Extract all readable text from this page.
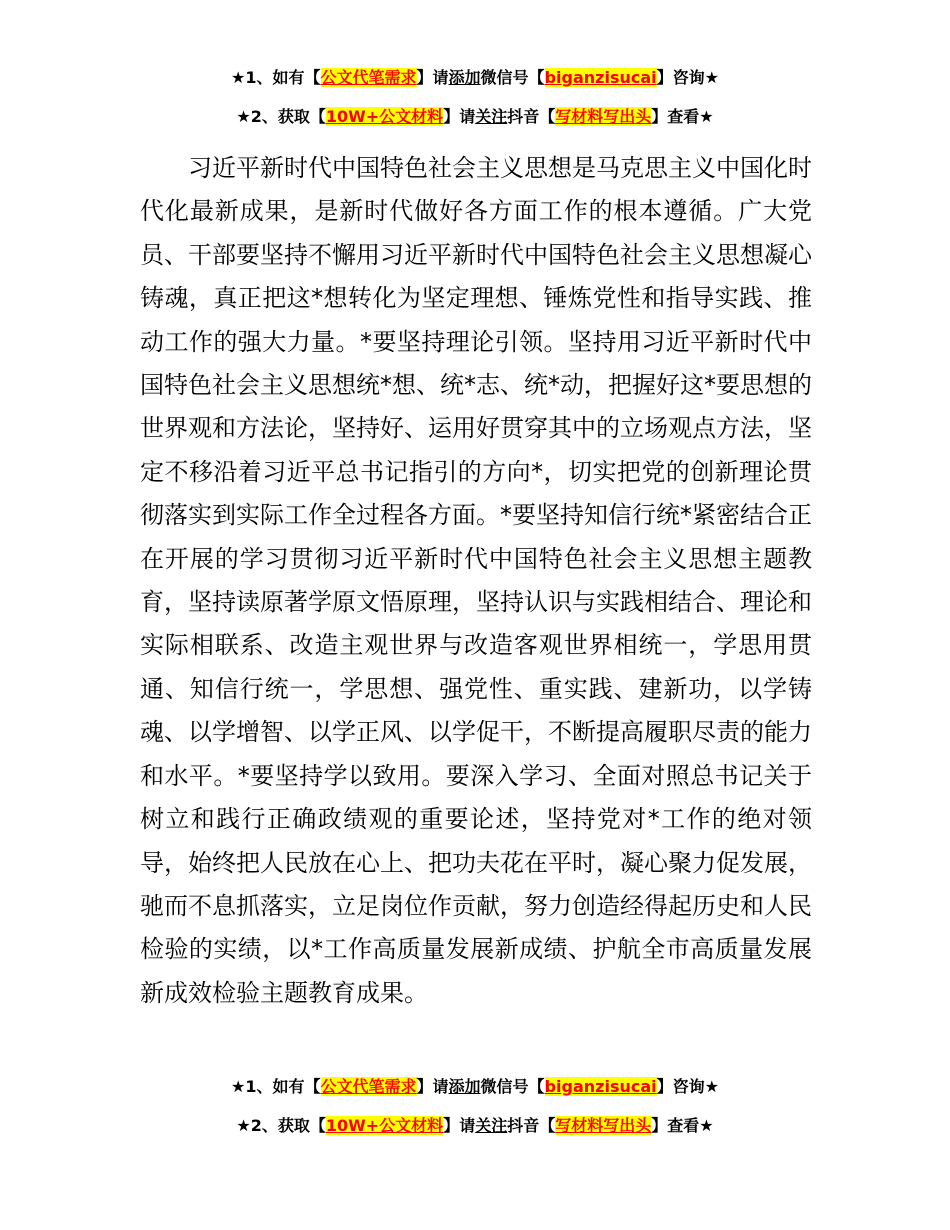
★1、如有【公文代笔需求】请添加微信号【biganzisucai】咨询★
★2、获取【10W+公文材料】请关注抖音【写材料写出头】查看★

习近平新时代中国特色社会主义思想是马克思主义中国化时代化最新成果，是新时代做好各方面工作的根本遵循。广大党员、干部要坚持不懈用习近平新时代中国特色社会主义思想凝心铸魂，真正把这*想转化为坚定理想、锤炼党性和指导实践、推动工作的强大力量。*要坚持理论引领。坚持用习近平新时代中国特色社会主义思想统*想、统*志、统*动，把握好这*要思想的世界观和方法论，坚持好、运用好贯穿其中的立场观点方法，坚定不移沿着习近平总书记指引的方向*，切实把党的创新理论贯彻落实到实际工作全过程各方面。*要坚持知信行统*紧密结合正在开展的学习贯彻习近平新时代中国特色社会主义思想主题教育，坚持读原著学原文悟原理，坚持认识与实践相结合、理论和实际相联系、改造主观世界与改造客观世界相统一，学思用贯通、知信行统一，学思想、强党性、重实践、建新功，以学铸魂、以学增智、以学正风、以学促干，不断提高履职尽责的能力和水平。*要坚持学以致用。要深入学习、全面对照总书记关于树立和践行正确政绩观的重要论述，坚持党对*工作的绝对领导，始终把人民放在心上、把功夫花在平时，凝心聚力促发展，驰而不息抓落实，立足岗位作贡献，努力创造经得起历史和人民检验的实绩，以*工作高质量发展新成绩、护航全市高质量发展新成效检验主题教育成果。

★1、如有【公文代笔需求】请添加微信号【biganzisucai】咨询★
★2、获取【10W+公文材料】请关注抖音【写材料写出头】查看★
